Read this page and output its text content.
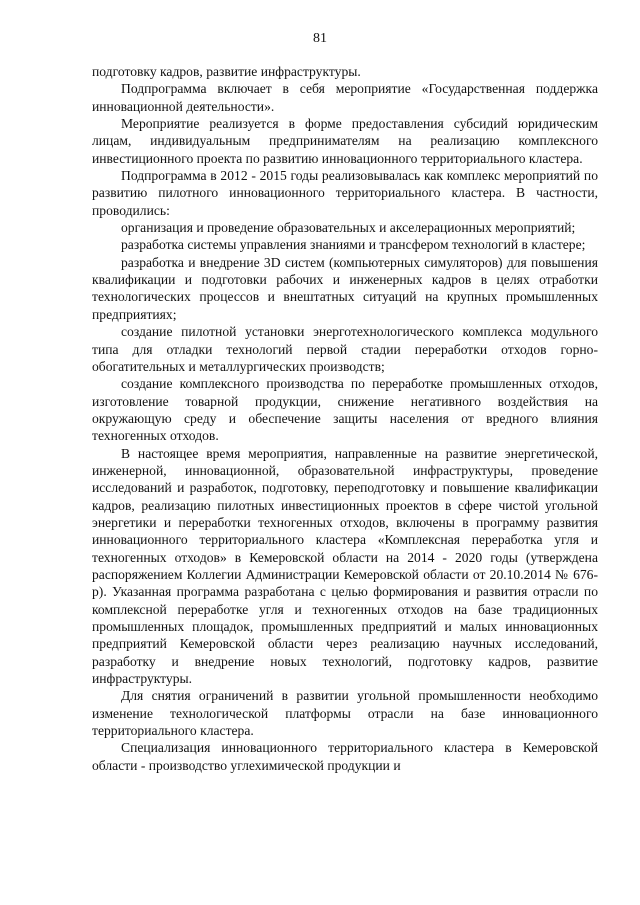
81

подготовку кадров, развитие инфраструктуры.

Подпрограмма включает в себя мероприятие «Государственная поддержка инновационной деятельности».

Мероприятие реализуется в форме предоставления субсидий юридическим лицам, индивидуальным предпринимателям на реализацию комплексного инвестиционного проекта по развитию инновационного территориального кластера.

Подпрограмма в 2012 - 2015 годы реализовывалась как комплекс мероприятий по развитию пилотного инновационного территориального кластера. В частности, проводились:

организация и проведение образовательных и акселерационных мероприятий;

разработка системы управления знаниями и трансфером технологий в кластере;

разработка и внедрение 3D систем (компьютерных симуляторов) для повышения квалификации и подготовки рабочих и инженерных кадров в целях отработки технологических процессов и внештатных ситуаций на крупных промышленных предприятиях;

создание пилотной установки энерготехнологического комплекса модульного типа для отладки технологий первой стадии переработки отходов горно-обогатительных и металлургических производств;

создание комплексного производства по переработке промышленных отходов, изготовление товарной продукции, снижение негативного воздействия на окружающую среду и обеспечение защиты населения от вредного влияния техногенных отходов.

В настоящее время мероприятия, направленные на развитие энергетической, инженерной, инновационной, образовательной инфраструктуры, проведение исследований и разработок, подготовку, переподготовку и повышение квалификации кадров, реализацию пилотных инвестиционных проектов в сфере чистой угольной энергетики и переработки техногенных отходов, включены в программу развития инновационного территориального кластера «Комплексная переработка угля и техногенных отходов» в Кемеровской области на 2014 - 2020 годы (утверждена распоряжением Коллегии Администрации Кемеровской области от 20.10.2014 № 676-р). Указанная программа разработана с целью формирования и развития отрасли по комплексной переработке угля и техногенных отходов на базе традиционных промышленных площадок, промышленных предприятий и малых инновационных предприятий Кемеровской области через реализацию научных исследований, разработку и внедрение новых технологий, подготовку кадров, развитие инфраструктуры.

Для снятия ограничений в развитии угольной промышленности необходимо изменение технологической платформы отрасли на базе инновационного территориального кластера.

Специализация инновационного территориального кластера в Кемеровской области - производство углехимической продукции и
